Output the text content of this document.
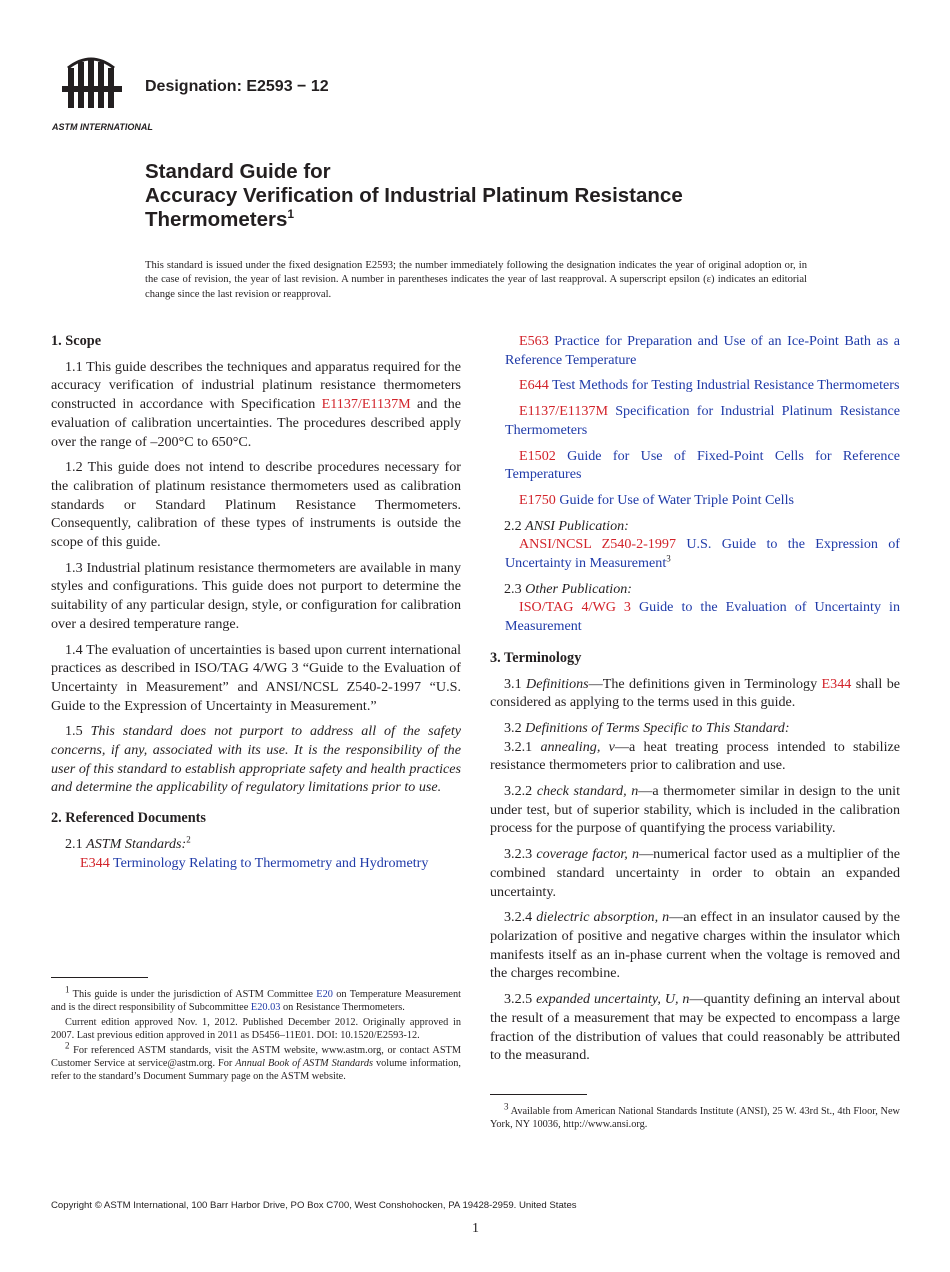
ASTM INTERNATIONAL
Designation: E2593 − 12
Standard Guide for
Accuracy Verification of Industrial Platinum Resistance
Thermometers$^1$
This standard is issued under the fixed designation E2593; the number immediately following the designation indicates the year of original adoption or, in the case of revision, the year of last revision. A number in parentheses indicates the year of last reapproval. A superscript epsilon (ε) indicates an editorial change since the last revision or reapproval.
1. Scope

1.1 This guide describes the techniques and apparatus required for the accuracy verification of industrial platinum resistance thermometers constructed in accordance with Specification E1137/E1137M and the evaluation of calibration uncertainties. The procedures described apply over the range of –200°C to 650°C.

1.2 This guide does not intend to describe procedures necessary for the calibration of platinum resistance thermometers used as calibration standards or Standard Platinum Resistance Thermometers. Consequently, calibration of these types of instruments is outside the scope of this guide.

1.3 Industrial platinum resistance thermometers are available in many styles and configurations. This guide does not purport to determine the suitability of any particular design, style, or configuration for calibration over a desired temperature range.

1.4 The evaluation of uncertainties is based upon current international practices as described in ISO/TAG 4/WG 3 “Guide to the Evaluation of Uncertainty in Measurement” and ANSI/NCSL Z540-2-1997 “U.S. Guide to the Expression of Uncertainty in Measurement.”

1.5 This standard does not purport to address all of the safety concerns, if any, associated with its use. It is the responsibility of the user of this standard to establish appropriate safety and health practices and determine the applicability of regulatory limitations prior to use.

2. Referenced Documents

2.1 ASTM Standards:$^2$

E344 Terminology Relating to Thermometry and Hydrometry

$^1$ This guide is under the jurisdiction of ASTM Committee E20 on Temperature Measurement and is the direct responsibility of Subcommittee E20.03 on Resistance Thermometers.

Current edition approved Nov. 1, 2012. Published December 2012. Originally approved in 2007. Last previous edition approved in 2011 as D5456–11E01. DOI: 10.1520/E2593-12.

$^2$ For referenced ASTM standards, visit the ASTM website, www.astm.org, or contact ASTM Customer Service at service@astm.org. For Annual Book of ASTM Standards volume information, refer to the standard’s Document Summary page on the ASTM website.

E563 Practice for Preparation and Use of an Ice-Point Bath as a Reference Temperature

E644 Test Methods for Testing Industrial Resistance Thermometers

E1137/E1137M Specification for Industrial Platinum Resistance Thermometers

E1502 Guide for Use of Fixed-Point Cells for Reference Temperatures

E1750 Guide for Use of Water Triple Point Cells

2.2 ANSI Publication:

ANSI/NCSL Z540-2-1997 U.S. Guide to the Expression of Uncertainty in Measurement$^3$

2.3 Other Publication:

ISO/TAG 4/WG 3 Guide to the Evaluation of Uncertainty in Measurement

3. Terminology

3.1 Definitions—The definitions given in Terminology E344 shall be considered as applying to the terms used in this guide.

3.2 Definitions of Terms Specific to This Standard:

3.2.1 annealing, v—a heat treating process intended to stabilize resistance thermometers prior to calibration and use.

3.2.2 check standard, n—a thermometer similar in design to the unit under test, but of superior stability, which is included in the calibration process for the purpose of quantifying the process variability.

3.2.3 coverage factor, n—numerical factor used as a multiplier of the combined standard uncertainty in order to obtain an expanded uncertainty.

3.2.4 dielectric absorption, n—an effect in an insulator caused by the polarization of positive and negative charges within the insulator which manifests itself as an in-phase current when the voltage is removed and the charges recombine.

3.2.5 expanded uncertainty, U, n—quantity defining an interval about the result of a measurement that may be expected to encompass a large fraction of the distribution of values that could reasonably be attributed to the measurand.

$^3$ Available from American National Standards Institute (ANSI), 25 W. 43rd St., 4th Floor, New York, NY 10036, http://www.ansi.org.

Copyright © ASTM International, 100 Barr Harbor Drive, PO Box C700, West Conshohocken, PA 19428-2959. United States
1
